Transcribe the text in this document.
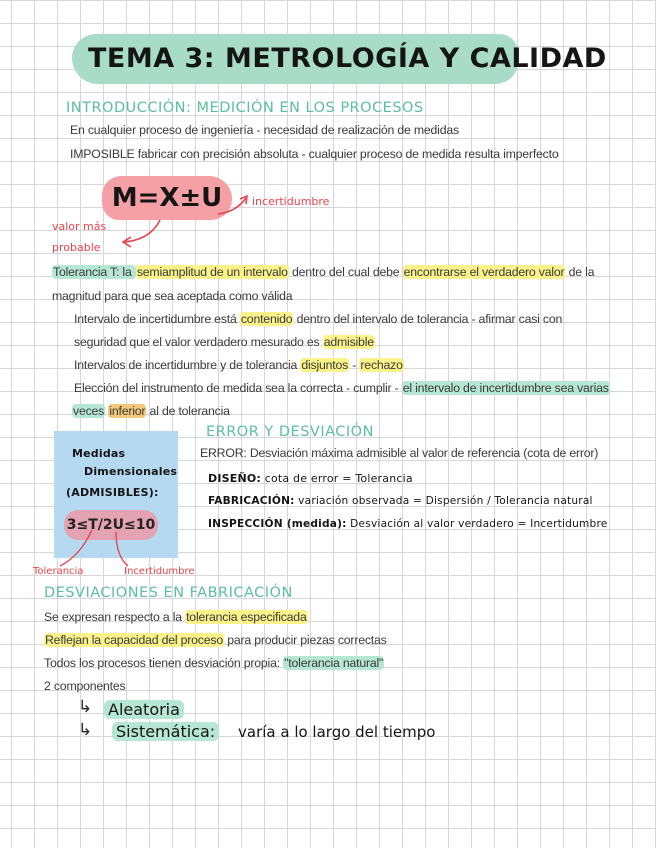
TEMA 3: METROLOGÍA Y CALIDAD
INTRODUCCIÓN: MEDICIÓN EN LOS PROCESOS
En cualquier proceso de ingeniería - necesidad de realización de medidas
IMPOSIBLE fabricar con precisión absoluta - cualquier proceso de medida resulta imperfecto
M=X±U	incertidumbre
valor más
probable
Tolerancia T: la semiamplitud de un intervalo dentro del cual debe encontrarse el verdadero valor de la
magnitud para que sea aceptada como válida
Intervalo de incertidumbre está contenido dentro del intervalo de tolerancia - afirmar casi con
seguridad que el valor verdadero mesurado es admisible
Intervalos de incertidumbre y de tolerancia disjuntos - rechazo
Elección del instrumento de medida sea la correcta - cumplir - el intervalo de incertidumbre sea varias
veces inferior al de tolerancia
ERROR Y DESVIACIÓN
Medidas
Dimensionales
(ADMISIBLES):
3≤T/2U≤10
Tolerancia	Incertidumbre
ERROR: Desviación máxima admisible al valor de referencia (cota de error)
DISEÑO: cota de error = Tolerancia
FABRICACIÓN: variación observada = Dispersión / Tolerancia natural
INSPECCIÓN (medida): Desviación al valor verdadero = Incertidumbre
DESVIACIONES EN FABRICACIÓN
Se expresan respecto a la tolerancia especificada
Reflejan la capacidad del proceso para producir piezas correctas
Todos los procesos tienen desviación propia: "tolerancia natural"
2 componentes
↳ Aleatoria
↳ Sistemática: varía a lo largo del tiempo
